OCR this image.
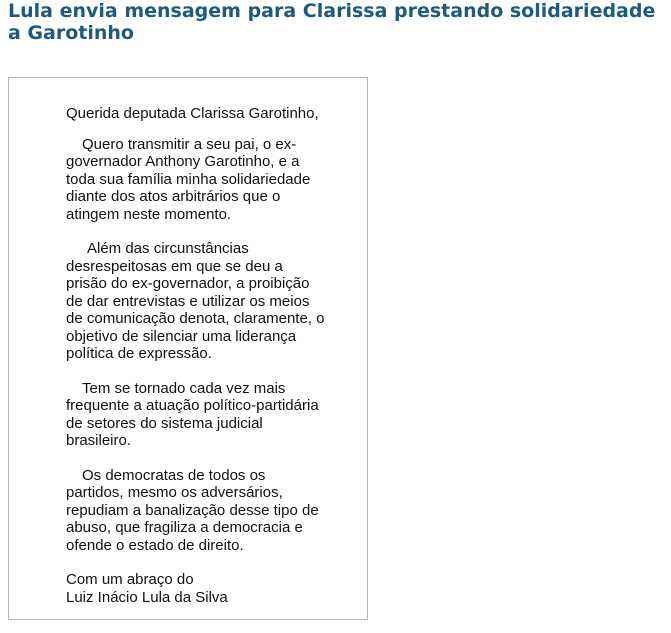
Lula envia mensagem para Clarissa prestando solidariedade a Garotinho

Querida deputada Clarissa Garotinho,

Quero transmitir a seu pai, o ex-
governador Anthony Garotinho, e a
toda sua família minha solidariedade
diante dos atos arbitrários que o
atingem neste momento.

Além das circunstâncias
desrespeitosas em que se deu a
prisão do ex-governador, a proibição
de dar entrevistas e utilizar os meios
de comunicação denota, claramente, o
objetivo de silenciar uma liderança
política de expressão.

Tem se tornado cada vez mais
frequente a atuação político-partidária
de setores do sistema judicial
brasileiro.

Os democratas de todos os
partidos, mesmo os adversários,
repudiam a banalização desse tipo de
abuso, que fragiliza a democracia e
ofende o estado de direito.

Com um abraço do
Luiz Inácio Lula da Silva
